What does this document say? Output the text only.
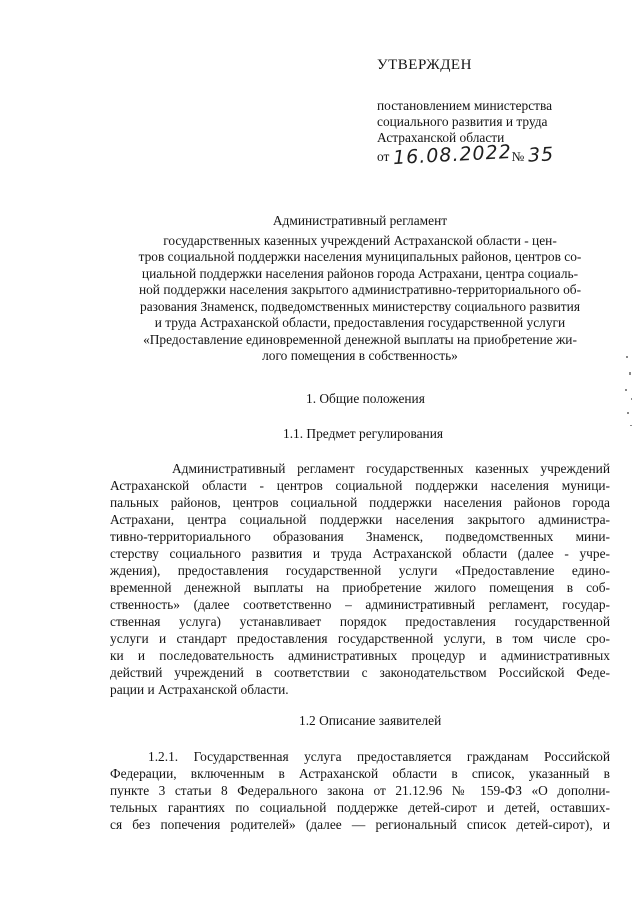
УТВЕРЖДЕН
постановлением министерства
социального развития и труда
Астраханской области
от 16.08.2022№ 35
Административный регламент
государственных казенных учреждений Астраханской области - цен-
тров социальной поддержки населения муниципальных районов, центров со-
циальной поддержки населения районов города Астрахани, центра социаль-
ной поддержки населения закрытого административно-территориального об-
разования Знаменск, подведомственных министерству социального развития
и труда Астраханской области, предоставления государственной услуги
«Предоставление единовременной денежной выплаты на приобретение жи-
лого помещения в собственность»
1. Общие положения
1.1. Предмет регулирования
Административный регламент государственных казенных учреждений
Астраханской области - центров социальной поддержки населения муници-
пальных районов, центров социальной поддержки населения районов города
Астрахани, центра социальной поддержки населения закрытого администра-
тивно-территориального образования Знаменск, подведомственных мини-
стерству социального развития и труда Астраханской области (далее - учре-
ждения), предоставления государственной услуги «Предоставление едино-
временной денежной выплаты на приобретение жилого помещения в соб-
ственность» (далее соответственно – административный регламент, государ-
ственная услуга) устанавливает порядок предоставления государственной
услуги и стандарт предоставления государственной услуги, в том числе сро-
ки и последовательность административных процедур и административных
действий учреждений в соответствии с законодательством Российской Феде-
рации и Астраханской области.
1.2 Описание заявителей
1.2.1. Государственная услуга предоставляется гражданам Российской
Федерации, включенным в Астраханской области в список, указанный в
пункте 3 статьи 8 Федерального закона от 21.12.96 № 159-ФЗ «О дополни-
тельных гарантиях по социальной поддержке детей-сирот и детей, оставших-
ся без попечения родителей» (далее — региональный список детей-сирот), и
